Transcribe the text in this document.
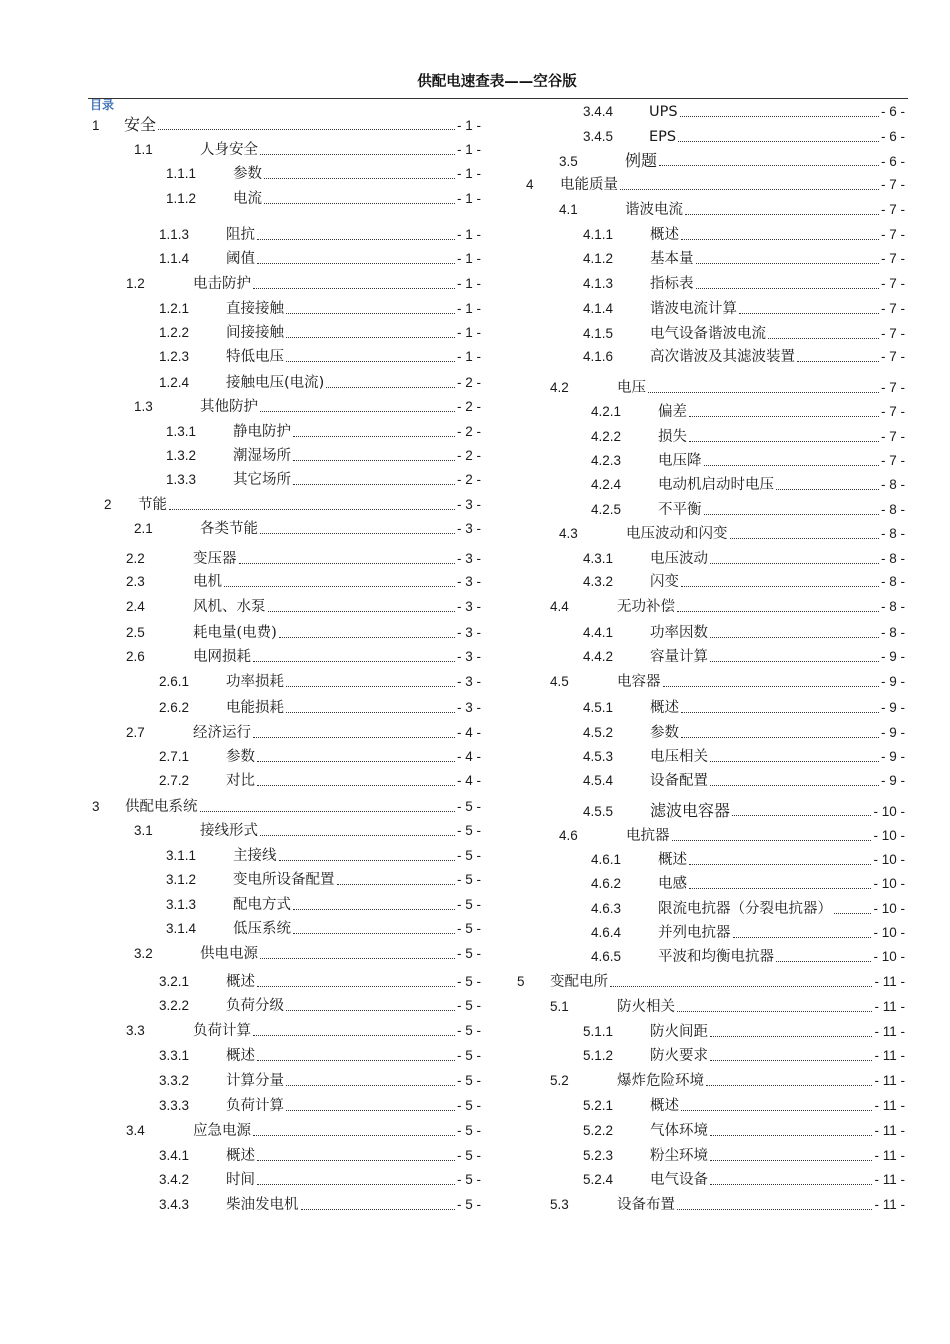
供配电速查表——空谷版
目录
1	安全	- 1 -
1.1	人身安全	- 1 -
1.1.1	参数	- 1 -
1.1.2	电流	- 1 -
1.1.3	阻抗	- 1 -
1.1.4	阈值	- 1 -
1.2	电击防护	- 1 -
1.2.1	直接接触	- 1 -
1.2.2	间接接触	- 1 -
1.2.3	特低电压	- 1 -
1.2.4	接触电压(电流)	- 2 -
1.3	其他防护	- 2 -
1.3.1	静电防护	- 2 -
1.3.2	潮湿场所	- 2 -
1.3.3	其它场所	- 2 -
2	节能	- 3 -
2.1	各类节能	- 3 -
2.2	变压器	- 3 -
2.3	电机	- 3 -
2.4	风机、水泵	- 3 -
2.5	耗电量(电费)	- 3 -
2.6	电网损耗	- 3 -
2.6.1	功率损耗	- 3 -
2.6.2	电能损耗	- 3 -
2.7	经济运行	- 4 -
2.7.1	参数	- 4 -
2.7.2	对比	- 4 -
3	供配电系统	- 5 -
3.1	接线形式	- 5 -
3.1.1	主接线	- 5 -
3.1.2	变电所设备配置	- 5 -
3.1.3	配电方式	- 5 -
3.1.4	低压系统	- 5 -
3.2	供电电源	- 5 -
3.2.1	概述	- 5 -
3.2.2	负荷分级	- 5 -
3.3	负荷计算	- 5 -
3.3.1	概述	- 5 -
3.3.2	计算分量	- 5 -
3.3.3	负荷计算	- 5 -
3.4	应急电源	- 5 -
3.4.1	概述	- 5 -
3.4.2	时间	- 5 -
3.4.3	柴油发电机	- 5 -
3.4.4	UPS	- 6 -
3.4.5	EPS	- 6 -
3.5	例题	- 6 -
4	电能质量	- 7 -
4.1	谐波电流	- 7 -
4.1.1	概述	- 7 -
4.1.2	基本量	- 7 -
4.1.3	指标表	- 7 -
4.1.4	谐波电流计算	- 7 -
4.1.5	电气设备谐波电流	- 7 -
4.1.6	高次谐波及其滤波装置	- 7 -
4.2	电压	- 7 -
4.2.1	偏差	- 7 -
4.2.2	损失	- 7 -
4.2.3	电压降	- 7 -
4.2.4	电动机启动时电压	- 8 -
4.2.5	不平衡	- 8 -
4.3	电压波动和闪变	- 8 -
4.3.1	电压波动	- 8 -
4.3.2	闪变	- 8 -
4.4	无功补偿	- 8 -
4.4.1	功率因数	- 8 -
4.4.2	容量计算	- 9 -
4.5	电容器	- 9 -
4.5.1	概述	- 9 -
4.5.2	参数	- 9 -
4.5.3	电压相关	- 9 -
4.5.4	设备配置	- 9 -
4.5.5	滤波电容器	- 10 -
4.6	电抗器	- 10 -
4.6.1	概述	- 10 -
4.6.2	电感	- 10 -
4.6.3	限流电抗器（分裂电抗器）	- 10 -
4.6.4	并列电抗器	- 10 -
4.6.5	平波和均衡电抗器	- 10 -
5	变配电所	- 11 -
5.1	防火相关	- 11 -
5.1.1	防火间距	- 11 -
5.1.2	防火要求	- 11 -
5.2	爆炸危险环境	- 11 -
5.2.1	概述	- 11 -
5.2.2	气体环境	- 11 -
5.2.3	粉尘环境	- 11 -
5.2.4	电气设备	- 11 -
5.3	设备布置	- 11 -
